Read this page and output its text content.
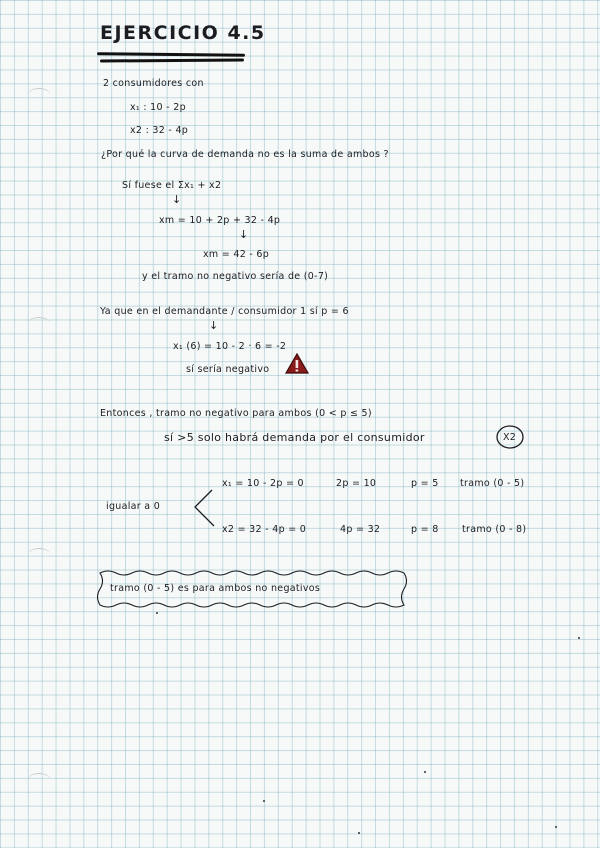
EJERCICIO 4.5
2 consumidores con
x₁ : 10 - 2p
x2 : 32 - 4p
¿Por qué la curva de demanda no es la suma de ambos ?
Sí fuese el Σx₁ + x2
↓
xm = 10 + 2p + 32 - 4p
↓
xm = 42 - 6p
y el tramo no negativo sería de (0-7)
Ya que en el demandante / consumidor 1 sí p = 6
↓
x₁ (6) = 10 - 2 · 6 = -2
sí sería negativo
Entonces , tramo no negativo para ambos (0 < p ≤ 5)
sí >5 solo habrá demanda por el consumidor	X2
x₁ = 10 - 2p = 0	2p = 10	p = 5 tramo (0 - 5)
igualar a 0
x2 = 32 - 4p = 0	4p = 32	p = 8 tramo (0 - 8)
tramo (0 - 5) es para ambos no negativos
